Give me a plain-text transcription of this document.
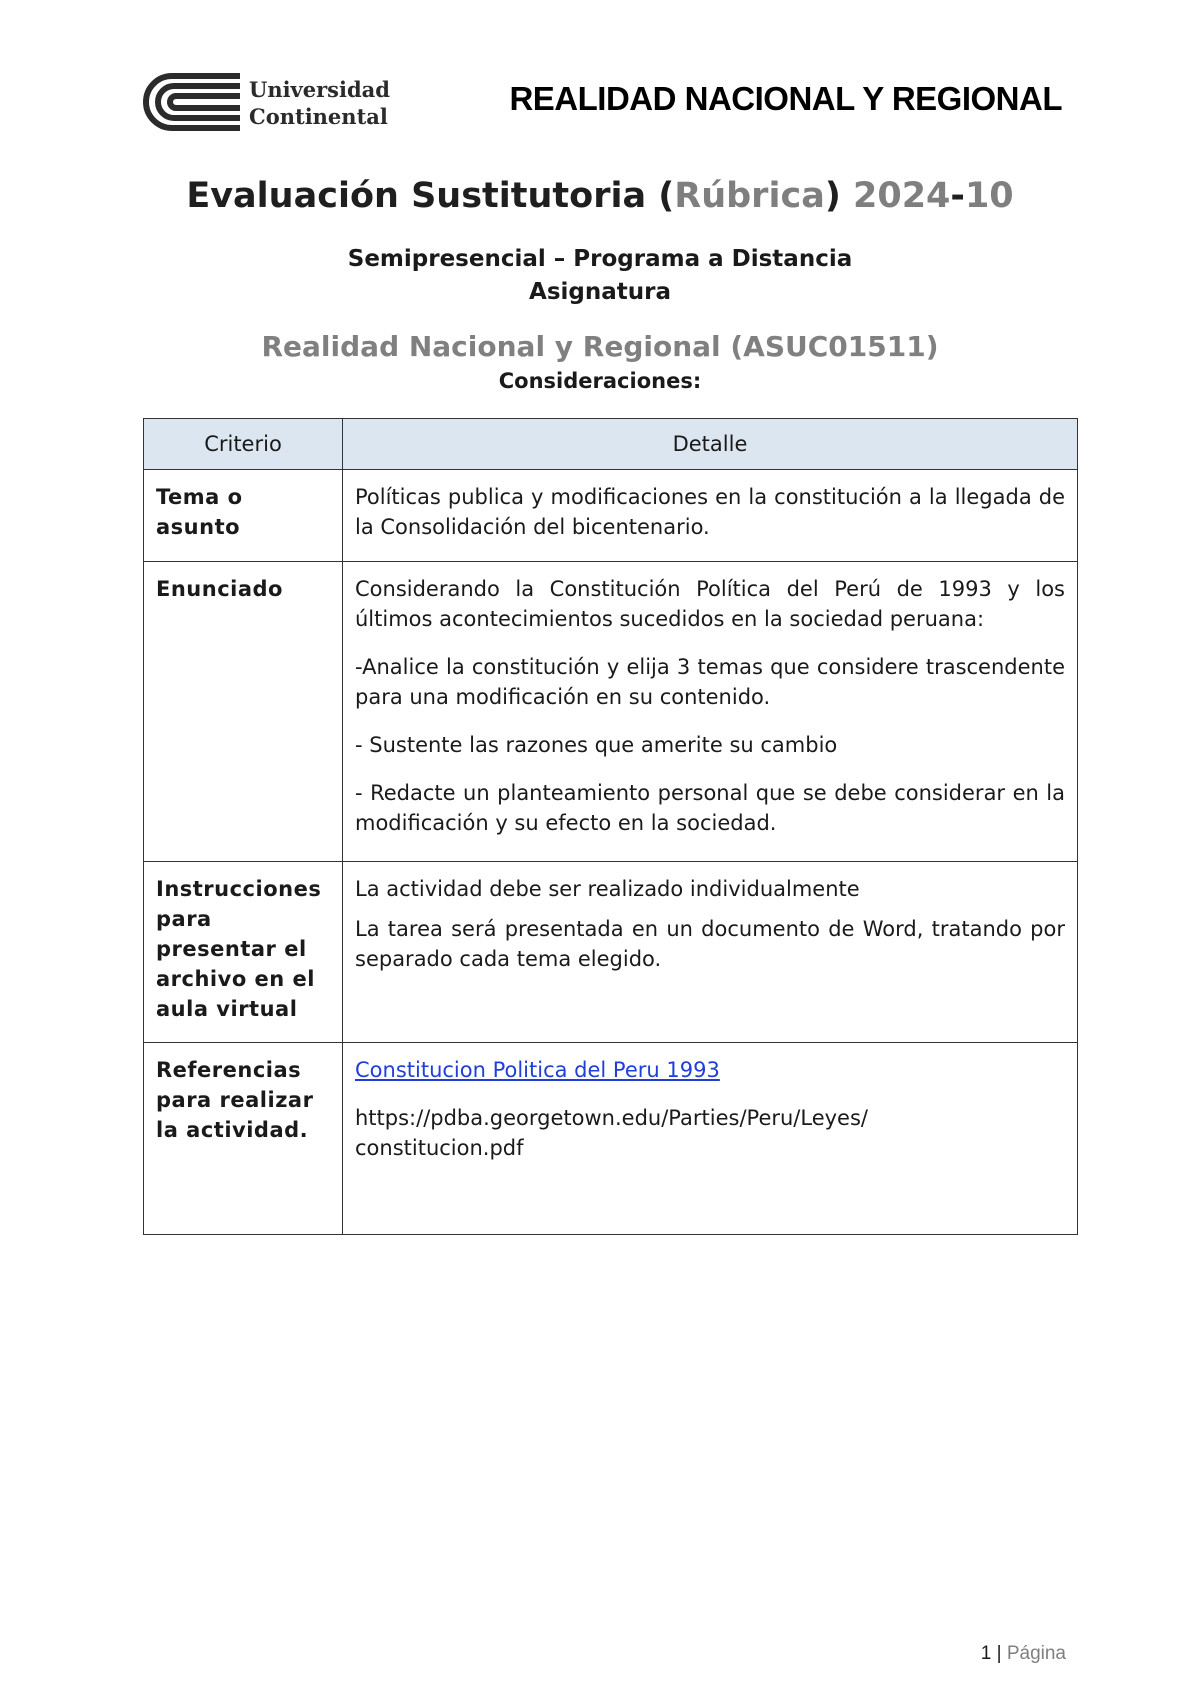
Universidad
Continental	REALIDAD NACIONAL Y REGIONAL
Evaluación Sustitutoria (Rúbrica) 2024-10
Semipresencial – Programa a Distancia
Asignatura
Realidad Nacional y Regional (ASUC01511)
Consideraciones:
Criterio	Detalle
Tema o asunto	Políticas publica y modificaciones en la constitución a la llegada de la Consolidación del bicentenario.

Enunciado	Considerando la Constitución Política del Perú de 1993 y los últimos acontecimientos sucedidos en la sociedad peruana:

-Analice la constitución y elija 3 temas que considere trascendente para una modificación en su contenido.

- Sustente las razones que amerite su cambio

- Redacte un planteamiento personal que se debe considerar en la modificación y su efecto en la sociedad.

Instrucciones para presentar el archivo en el aula virtual	La actividad debe ser realizado individualmente

La tarea será presentada en un documento de Word, tratando por separado cada tema elegido.

Referencias para realizar la actividad.	Constitucion Politica del Peru 1993

https://pdba.georgetown.edu/Parties/Peru/Leyes/ constitucion.pdf

1 | Página
